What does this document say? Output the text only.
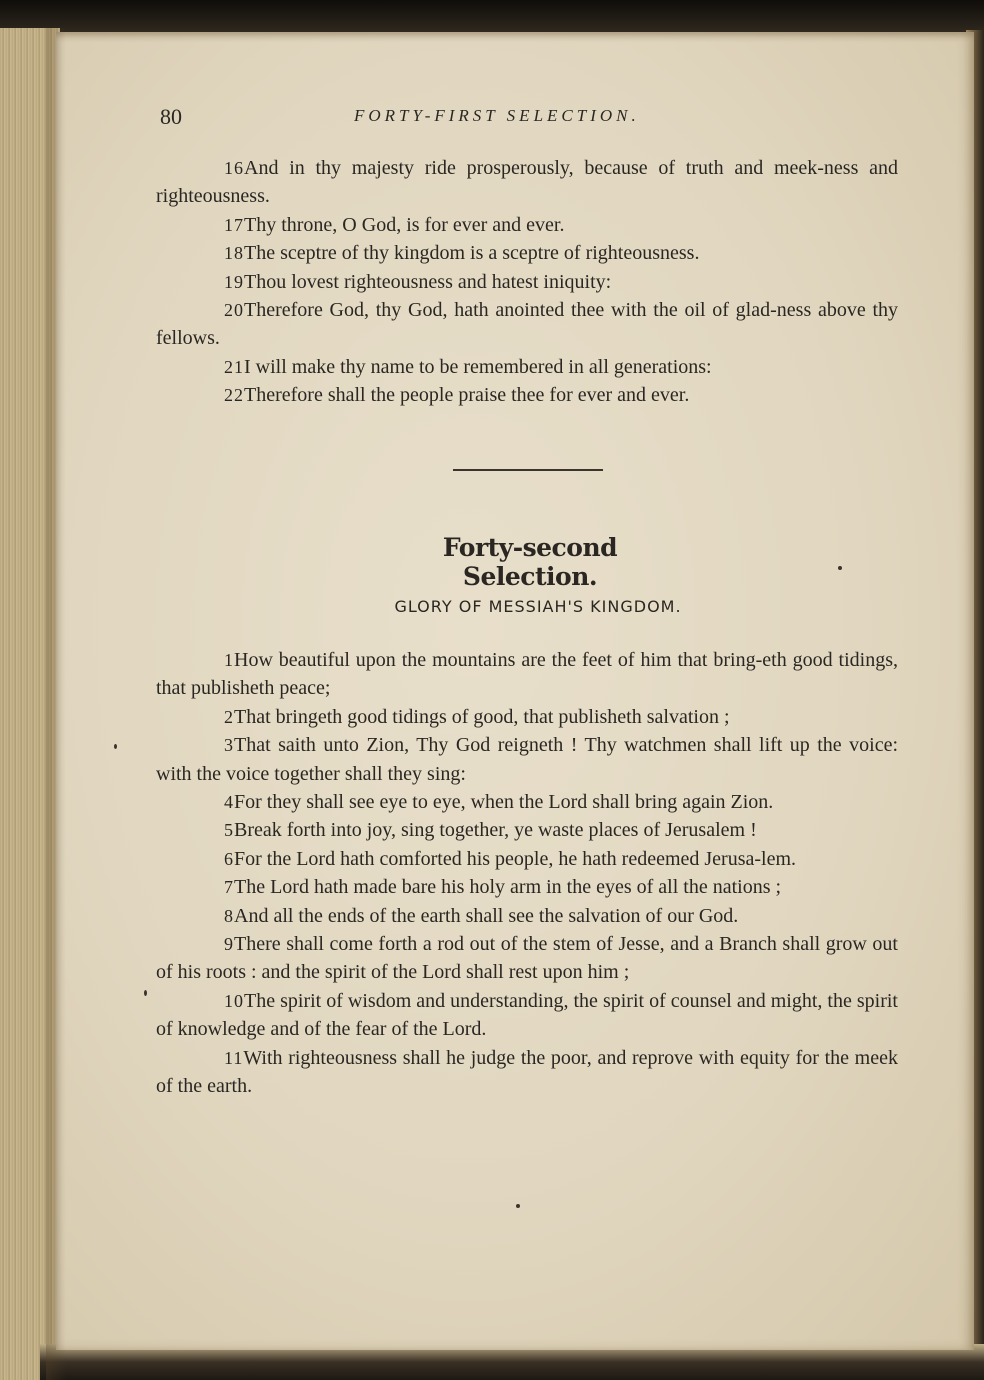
80	FORTY-FIRST SELECTION.

16And in thy majesty ride prosperously, because of truth and meek-ness and righteousness.

17Thy throne, O God, is for ever and ever.

18The sceptre of thy kingdom is a sceptre of righteousness.

19Thou lovest righteousness and hatest iniquity:

20Therefore God, thy God, hath anointed thee with the oil of glad-ness above thy fellows.

21I will make thy name to be remembered in all generations:

22Therefore shall the people praise thee for ever and ever.

Forty-second Selection.
GLORY OF MESSIAH'S KINGDOM.

1How beautiful upon the mountains are the feet of him that bring-eth good tidings, that publisheth peace;

2That bringeth good tidings of good, that publisheth salvation ;

3That saith unto Zion, Thy God reigneth ! Thy watchmen shall lift up the voice: with the voice together shall they sing:

4For they shall see eye to eye, when the Lord shall bring again Zion.

5Break forth into joy, sing together, ye waste places of Jerusalem !

6For the Lord hath comforted his people, he hath redeemed Jerusa-lem.

7The Lord hath made bare his holy arm in the eyes of all the nations ;

8And all the ends of the earth shall see the salvation of our God.

9There shall come forth a rod out of the stem of Jesse, and a Branch shall grow out of his roots : and the spirit of the Lord shall rest upon him ;

10The spirit of wisdom and understanding, the spirit of counsel and might, the spirit of knowledge and of the fear of the Lord.

11With righteousness shall he judge the poor, and reprove with equity for the meek of the earth.
